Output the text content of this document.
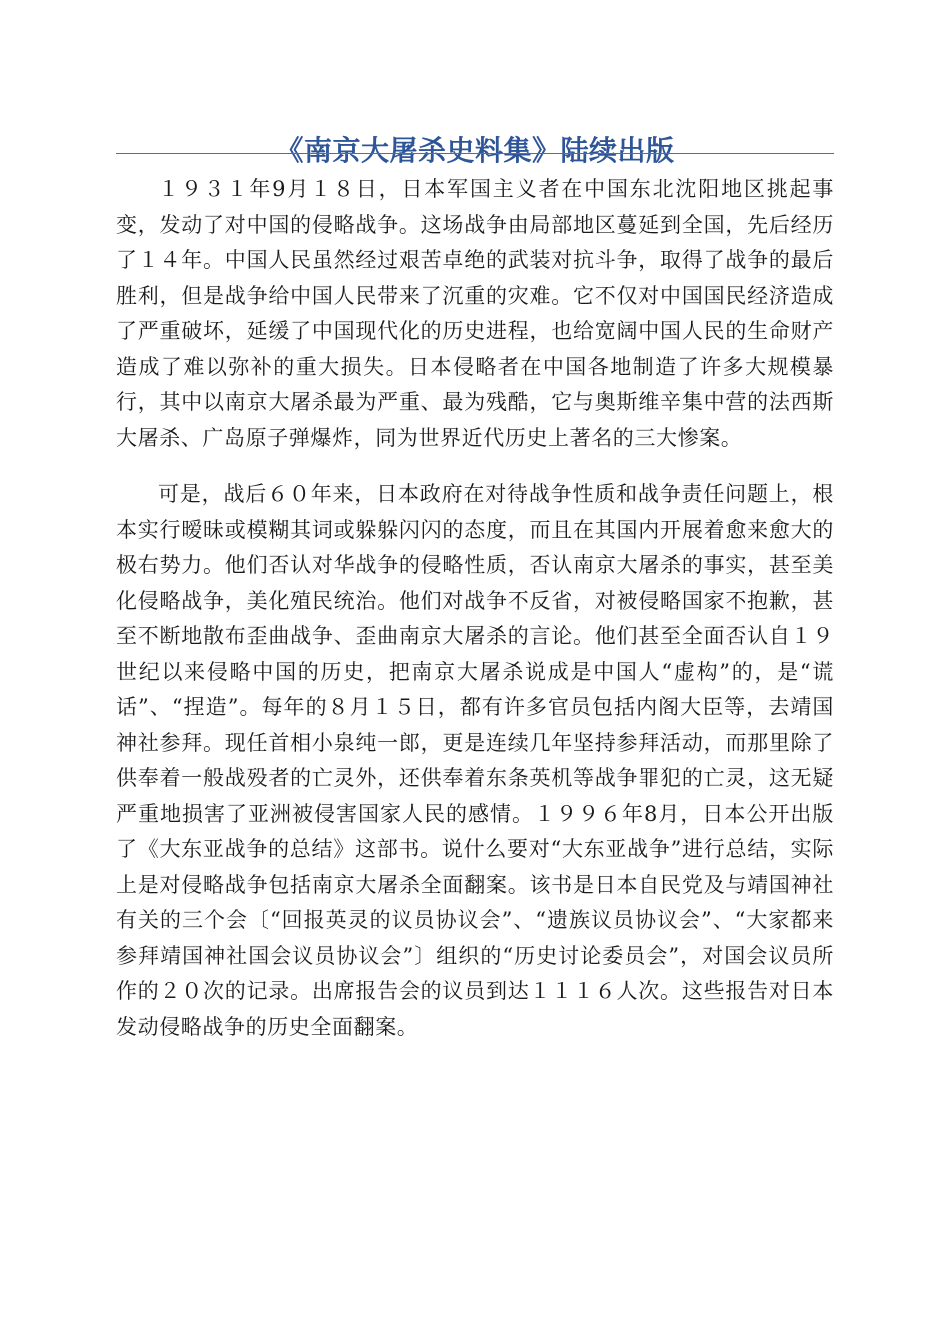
《南京大屠杀史料集》陆续出版

１９３１年9月１８日，日本军国主义者在中国东北沈阳地区挑起事变，发动了对中国的侵略战争。这场战争由局部地区蔓延到全国，先后经历了１４年。中国人民虽然经过艰苦卓绝的武装对抗斗争，取得了战争的最后胜利，但是战争给中国人民带来了沉重的灾难。它不仅对中国国民经济造成了严重破坏，延缓了中国现代化的历史进程，也给宽阔中国人民的生命财产造成了难以弥补的重大损失。日本侵略者在中国各地制造了许多大规模暴行，其中以南京大屠杀最为严重、最为残酷，它与奥斯维辛集中营的法西斯大屠杀、广岛原子弹爆炸，同为世界近代历史上著名的三大惨案。

可是，战后６０年来，日本政府在对待战争性质和战争责任问题上，根本实行暧昧或模糊其词或躲躲闪闪的态度，而且在其国内开展着愈来愈大的极右势力。他们否认对华战争的侵略性质，否认南京大屠杀的事实，甚至美化侵略战争，美化殖民统治。他们对战争不反省，对被侵略国家不抱歉，甚至不断地散布歪曲战争、歪曲南京大屠杀的言论。他们甚至全面否认自１９世纪以来侵略中国的历史，把南京大屠杀说成是中国人“虚构”的，是“谎话”、“捏造”。每年的８月１５日，都有许多官员包括内阁大臣等，去靖国神社参拜。现任首相小泉纯一郎，更是连续几年坚持参拜活动，而那里除了供奉着一般战殁者的亡灵外，还供奉着东条英机等战争罪犯的亡灵，这无疑严重地损害了亚洲被侵害国家人民的感情。１９９６年8月，日本公开出版了《大东亚战争的总结》这部书。说什么要对“大东亚战争”进行总结，实际上是对侵略战争包括南京大屠杀全面翻案。该书是日本自民党及与靖国神社有关的三个会〔“回报英灵的议员协议会”、“遗族议员协议会”、“大家都来参拜靖国神社国会议员协议会”〕组织的“历史讨论委员会”，对国会议员所作的２０次的记录。出席报告会的议员到达１１１６人次。这些报告对日本发动侵略战争的历史全面翻案。
